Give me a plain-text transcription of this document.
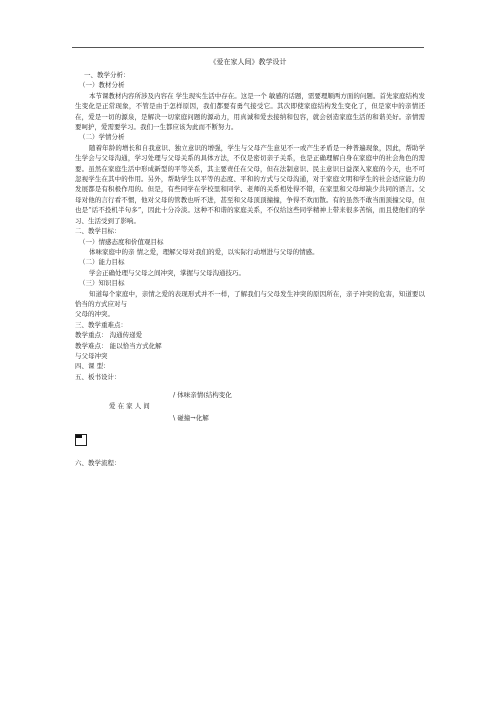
《爱在家人间》教学设计

一、教学分析：

（一）教材分析

本节课教材内容所涉及内容在 学生现实生活中存在。这是一个 敏感的话题，需要理顺两方面的问题。首先家庭结构发生变化是正常现象，不管是由于怎样原因，我们都要有勇气接受它。其次即使家庭结构发生变化了，但是家中的亲情还在，爱是一切的源泉，是解决一切家庭问题的源动力，用真诚和爱去接纳和包容，就会创造家庭生活的和谐美好。亲情需要呵护，爱需要学习。我们一生都应该为此而不断努力。

（二）学情分析

随着年龄的增长和自我意识、独立意识的增强，学生与父母产生意见不一或产生矛盾是一种普遍现象，因此，帮助学生学会与父母沟通，学习处理与父母关系的具体方法，不仅是密切亲子关系，也是正确理解自身在家庭中的社会角色的需要。虽然在家庭生活中形成新型的平等关系，其主要责任在父母，但在法制意识、民主意识日益深入家庭的今天，也不可忽视学生在其中的作用。另外，帮助学生以平等的态度、平和的方式与父母沟通，对于家庭文明和学生的社会适应能力的发展都是有积极作用的。但是，有些同学在学校里和同学、老师的关系相处得不错，在家里和父母却缺少共同的语言。父母对他的言行看不惯，他对父母的管教也听不进，甚至和父母顶顶撞撞，争得不欢而散。有的虽然不敢当面顶撞父母，但也是“话不投机半句多”，因此十分冷淡。这种不和谐的家庭关系，不仅给这些同学精神上带来很多苦恼，而且使他们的学习、生活受到了影响。

二、教学目标：

（一）情感态度和价值观目标

体味家庭中的亲 情之爱，理解父母对我们的爱，以实际行动增进与父母的情感。

（二）能力目标

学会正确处理与父母之间冲突，掌握与父母沟通技巧。

（三）知识目标

知道每个家庭中，亲情之爱的表现形式并不一样，了解我们与父母发生冲突的原因所在，亲子冲突的危害，知道要以恰当的方式应对与

父母的冲突。

三、教学重难点：

教学重点： 沟通传递爱

教学难点： 能以恰当方式化解

与父母冲突

四、课 型：

五、板书设计：

/ 体味亲情(结构变化
爱 在 家 人 间
\ 碰撞→化解

六、教学流程：
